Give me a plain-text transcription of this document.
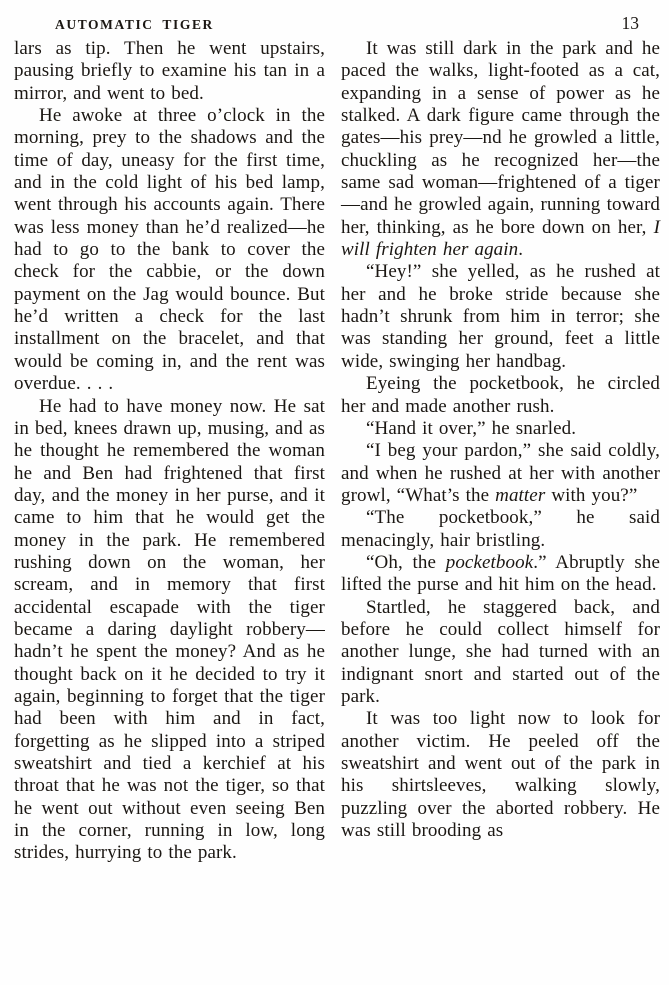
AUTOMATIC TIGER	13

lars as tip. Then he went upstairs, pausing briefly to examine his tan in a mirror, and went to bed.

He awoke at three o’clock in the morning, prey to the shadows and the time of day, uneasy for the first time, and in the cold light of his bed lamp, went through his accounts again. There was less money than he’d realized—he had to go to the bank to cover the check for the cabbie, or the down payment on the Jag would bounce. But he’d written a check for the last installment on the bracelet, and that would be coming in, and the rent was overdue. . . .

He had to have money now. He sat in bed, knees drawn up, musing, and as he thought he remembered the woman he and Ben had frightened that first day, and the money in her purse, and it came to him that he would get the money in the park. He remembered rushing down on the woman, her scream, and in memory that first accidental escapade with the tiger became a daring daylight robbery—hadn’t he spent the money? And as he thought back on it he decided to try it again, beginning to forget that the tiger had been with him and in fact, forgetting as he slipped into a striped sweatshirt and tied a kerchief at his throat that he was not the tiger, so that he went out without even seeing Ben in the corner, running in low, long strides, hurrying to the park.

It was still dark in the park and he paced the walks, light-footed as a cat, expanding in a sense of power as he stalked. A dark figure came through the gates—his prey—nd he growled a little, chuckling as he recognized her—the same sad woman—frightened of a tiger—and he growled again, running toward her, thinking, as he bore down on her, I will frighten her again.

“Hey!” she yelled, as he rushed at her and he broke stride because she hadn’t shrunk from him in terror; she was standing her ground, feet a little wide, swinging her handbag.

Eyeing the pocketbook, he circled her and made another rush.

“Hand it over,” he snarled.

“I beg your pardon,” she said coldly, and when he rushed at her with another growl, “What’s the matter with you?”

“The pocketbook,” he said menacingly, hair bristling.

“Oh, the pocketbook.” Abruptly she lifted the purse and hit him on the head.

Startled, he staggered back, and before he could collect himself for another lunge, she had turned with an indignant snort and started out of the park.

It was too light now to look for another victim. He peeled off the sweatshirt and went out of the park in his shirtsleeves, walking slowly, puzzling over the aborted robbery. He was still brooding as
